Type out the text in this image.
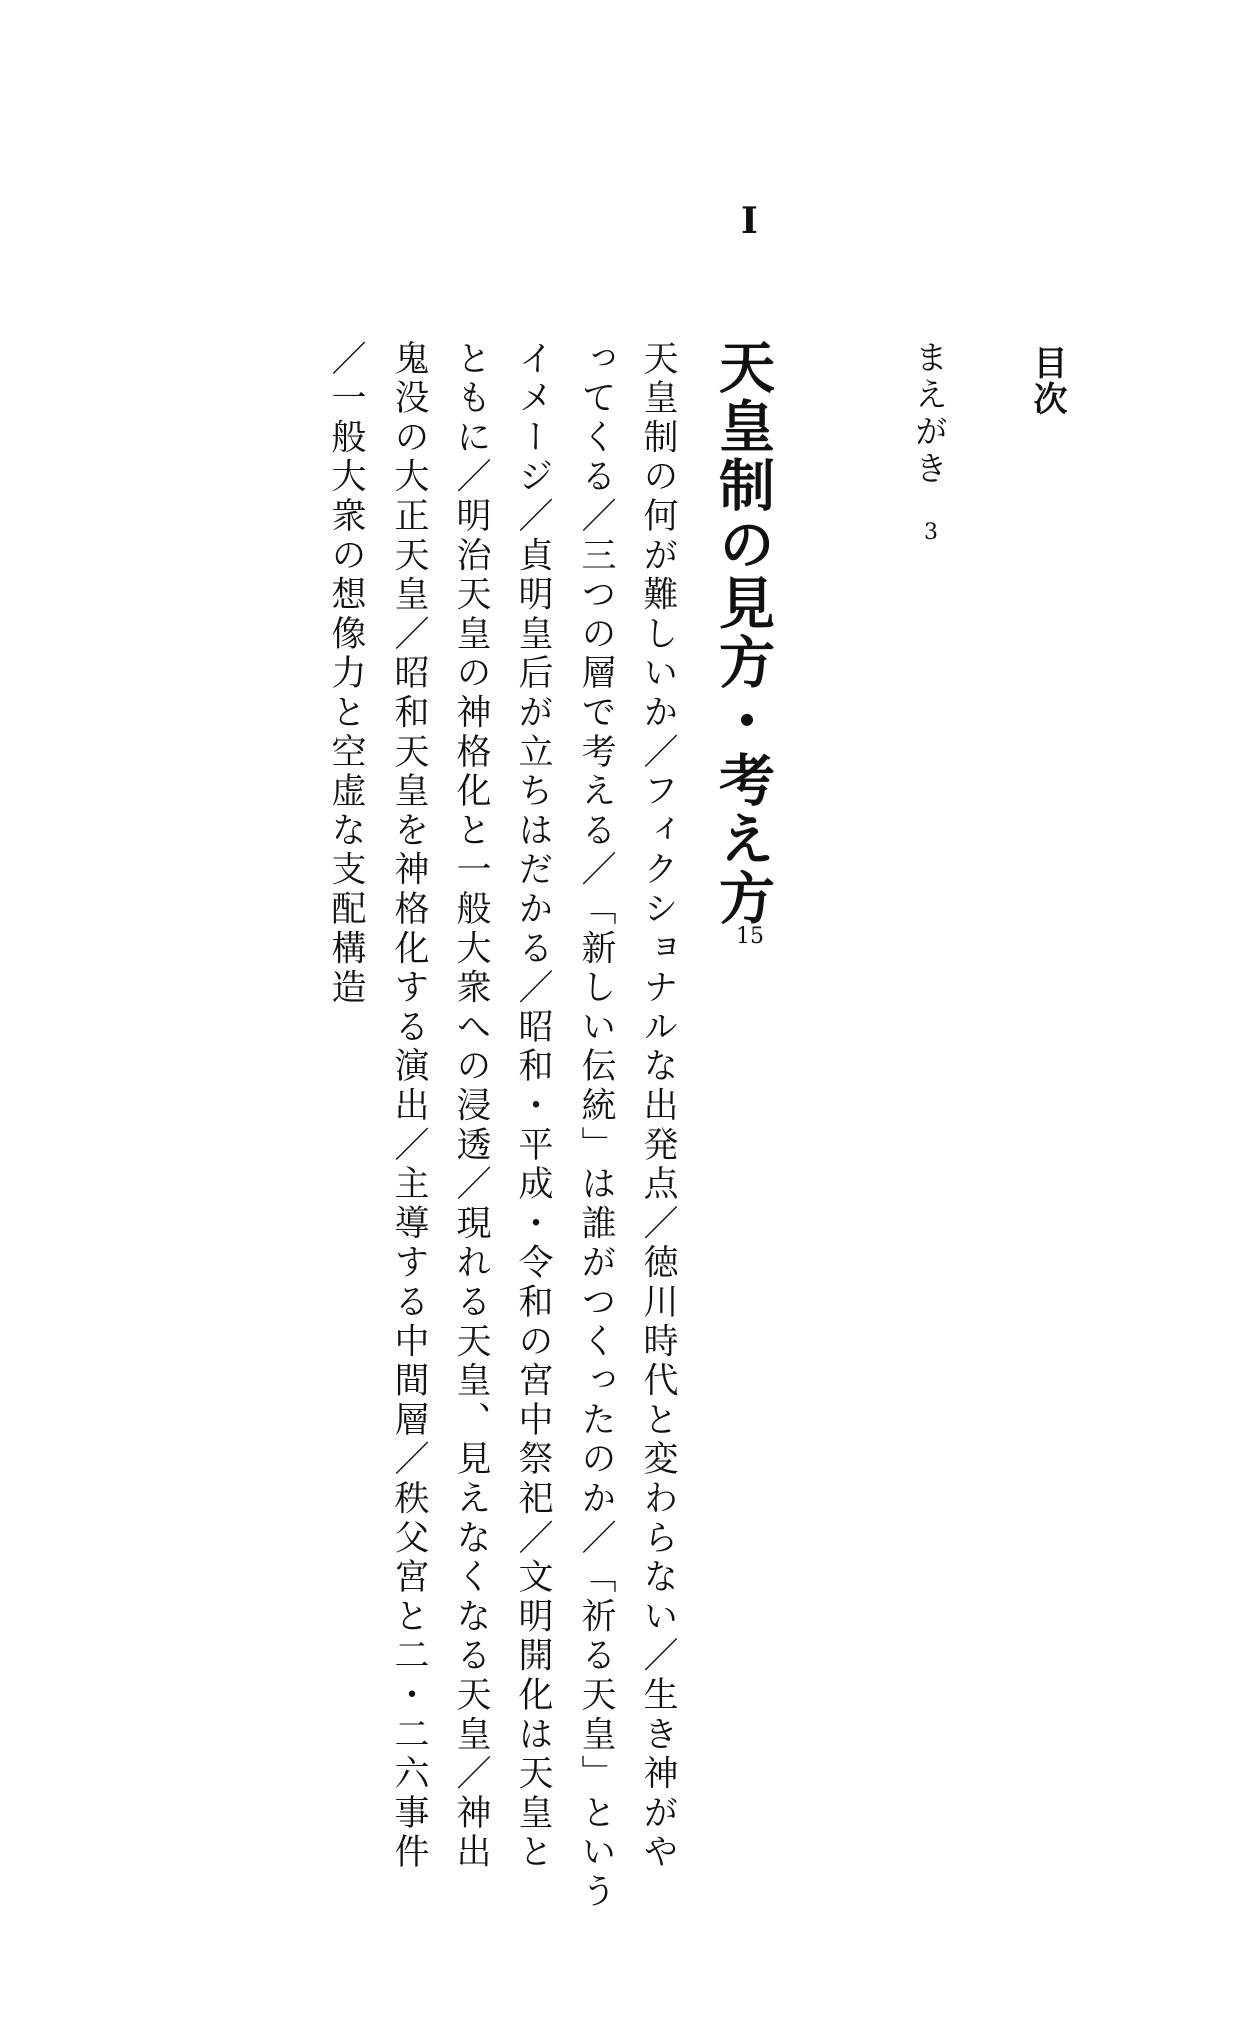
目次
まえがき
3
I
天皇制の見方・考え方
15
天皇制の何が難しいか／フィクショナルな出発点／徳川時代と変わらない／生き神がや
ってくる／三つの層で考える／「新しい伝統」は誰がつくったのか／「祈る天皇」という
イメージ／貞明皇后が立ちはだかる／昭和・平成・令和の宮中祭祀／文明開化は天皇と
ともに／明治天皇の神格化と一般大衆への浸透／現れる天皇、見えなくなる天皇／神出
鬼没の大正天皇／昭和天皇を神格化する演出／主導する中間層／秩父宮と二・二六事件
／一般大衆の想像力と空虚な支配構造
